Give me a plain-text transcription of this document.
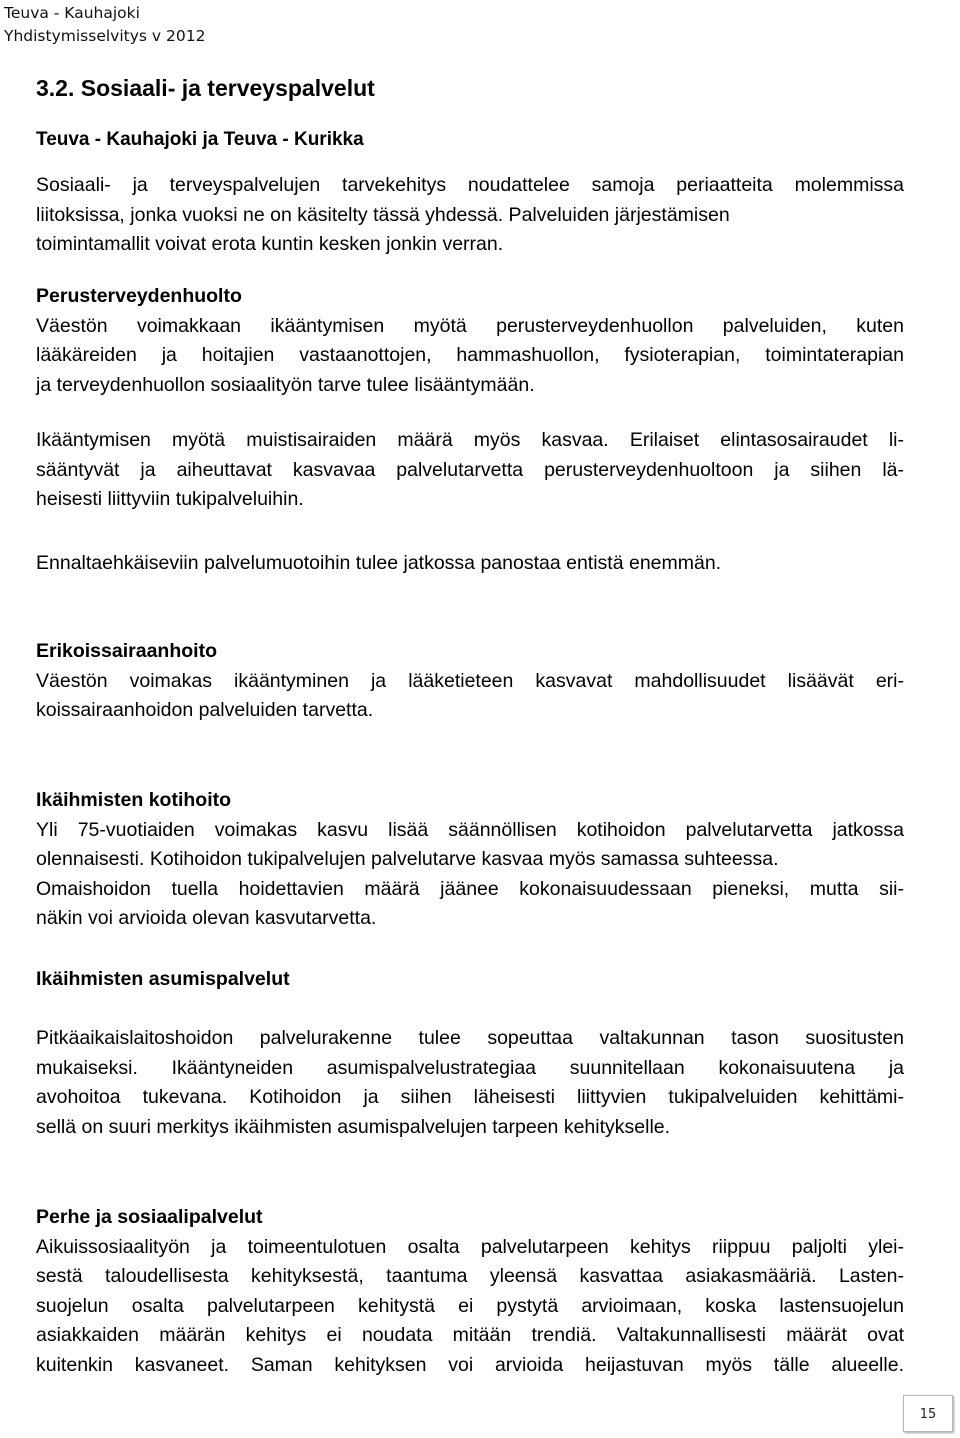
Teuva - Kauhajoki
Yhdistymisselvitys v 2012
3.2. Sosiaali- ja terveyspalvelut
Teuva - Kauhajoki ja Teuva - Kurikka
Sosiaali- ja terveyspalvelujen tarvekehitys noudattelee samoja periaatteita molemmissa
liitoksissa, jonka vuoksi ne on käsitelty tässä yhdessä. Palveluiden järjestämisen
toimintamallit voivat erota kuntin kesken jonkin verran.
Perusterveydenhuolto
Väestön voimakkaan ikääntymisen myötä perusterveydenhuollon palveluiden, kuten
lääkäreiden ja hoitajien vastaanottojen, hammashuollon, fysioterapian, toimintaterapian
ja terveydenhuollon sosiaalityön tarve tulee lisääntymään.
Ikääntymisen myötä muistisairaiden määrä myös kasvaa. Erilaiset elintasosairaudet li-
sääntyvät ja aiheuttavat kasvavaa palvelutarvetta perusterveydenhuoltoon ja siihen lä-
heisesti liittyviin tukipalveluihin.
Ennaltaehkäiseviin palvelumuotoihin tulee jatkossa panostaa entistä enemmän.
Erikoissairaanhoito
Väestön voimakas ikääntyminen ja lääketieteen kasvavat mahdollisuudet lisäävät eri-
koissairaanhoidon palveluiden tarvetta.
Ikäihmisten kotihoito
Yli 75-vuotiaiden voimakas kasvu lisää säännöllisen kotihoidon palvelutarvetta jatkossa
olennaisesti. Kotihoidon tukipalvelujen palvelutarve kasvaa myös samassa suhteessa.
Omaishoidon tuella hoidettavien määrä jäänee kokonaisuudessaan pieneksi, mutta sii-
näkin voi arvioida olevan kasvutarvetta.
Ikäihmisten asumispalvelut
Pitkäaikaislaitoshoidon palvelurakenne tulee sopeuttaa valtakunnan tason suositusten
mukaiseksi. Ikääntyneiden asumispalvelustrategiaa suunnitellaan kokonaisuutena ja
avohoitoa tukevana. Kotihoidon ja siihen läheisesti liittyvien tukipalveluiden kehittämi-
sellä on suuri merkitys ikäihmisten asumispalvelujen tarpeen kehitykselle.
Perhe ja sosiaalipalvelut
Aikuissosiaalityön ja toimeentulotuen osalta palvelutarpeen kehitys riippuu paljolti ylei-
sestä taloudellisesta kehityksestä, taantuma yleensä kasvattaa asiakasmääriä. Lasten-
suojelun osalta palvelutarpeen kehitystä ei pystytä arvioimaan, koska lastensuojelun
asiakkaiden määrän kehitys ei noudata mitään trendiä. Valtakunnallisesti määrät ovat
kuitenkin kasvaneet. Saman kehityksen voi arvioida heijastuvan myös tälle alueelle.
15
